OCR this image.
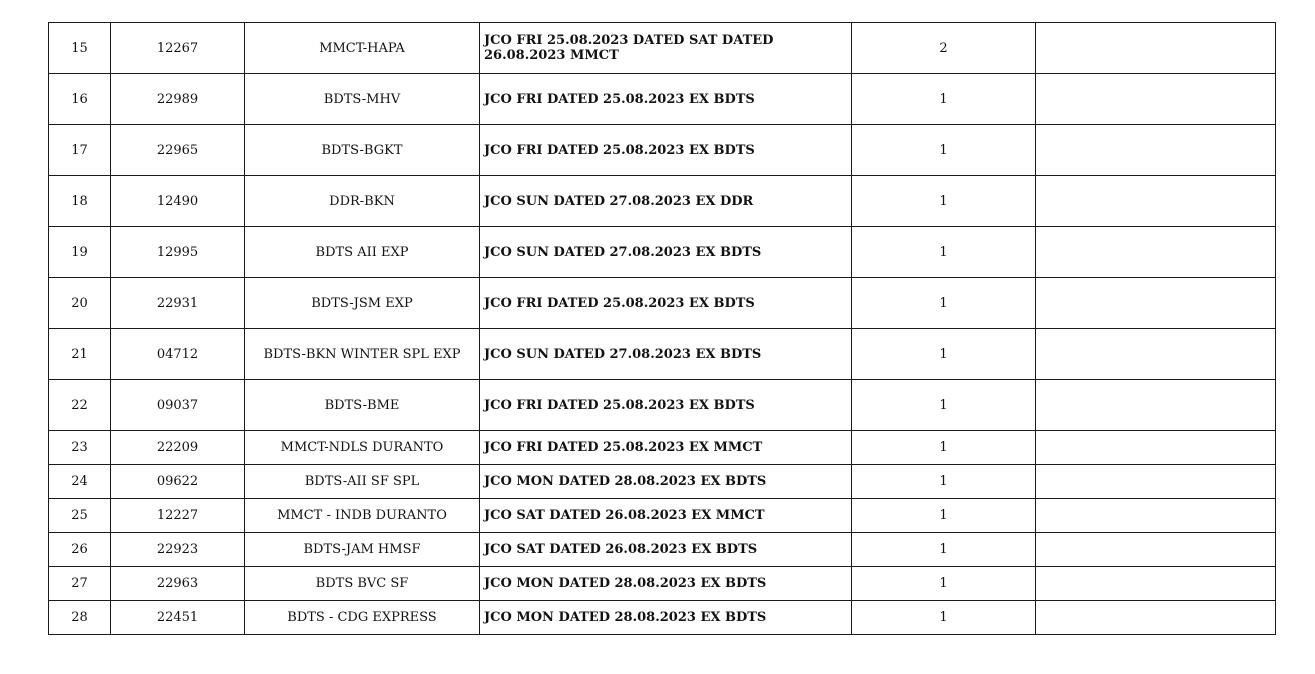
15	12267	MMCT-HAPA	JCO FRI 25.08.2023 DATED SAT DATED 26.08.2023 MMCT	2	
16	22989	BDTS-MHV	JCO FRI DATED 25.08.2023 EX BDTS	1	
17	22965	BDTS-BGKT	JCO FRI DATED 25.08.2023 EX BDTS	1	
18	12490	DDR-BKN	JCO SUN DATED 27.08.2023 EX DDR	1	
19	12995	BDTS AII EXP	JCO SUN DATED 27.08.2023 EX BDTS	1	
20	22931	BDTS-JSM EXP	JCO FRI DATED 25.08.2023 EX BDTS	1	
21	04712	BDTS-BKN WINTER SPL EXP	JCO SUN DATED 27.08.2023 EX BDTS	1	
22	09037	BDTS-BME	JCO FRI DATED 25.08.2023 EX BDTS	1	
23	22209	MMCT-NDLS DURANTO	JCO FRI DATED 25.08.2023 EX MMCT	1	
24	09622	BDTS-AII SF SPL	JCO MON DATED 28.08.2023 EX BDTS	1	
25	12227	MMCT - INDB DURANTO	JCO SAT DATED 26.08.2023 EX MMCT	1	
26	22923	BDTS-JAM HMSF	JCO SAT DATED 26.08.2023 EX BDTS	1	
27	22963	BDTS BVC SF	JCO MON DATED 28.08.2023 EX BDTS	1	
28	22451	BDTS - CDG EXPRESS	JCO MON DATED 28.08.2023 EX BDTS	1	
